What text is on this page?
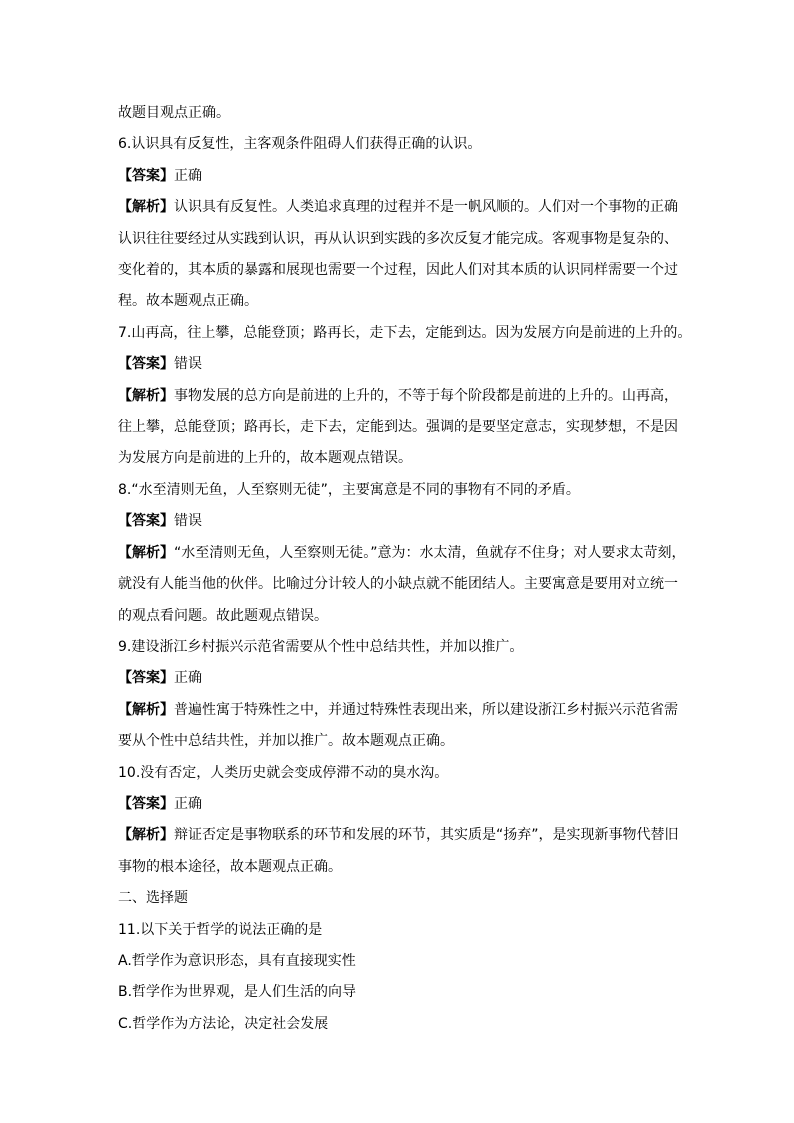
故题目观点正确。

6.认识具有反复性，主客观条件阻碍人们获得正确的认识。

【答案】正确

【解析】认识具有反复性。人类追求真理的过程并不是一帆风顺的。人们对一个事物的正确

认识往往要经过从实践到认识，再从认识到实践的多次反复才能完成。客观事物是复杂的、

变化着的，其本质的暴露和展现也需要一个过程，因此人们对其本质的认识同样需要一个过

程。故本题观点正确。

7.山再高，往上攀，总能登顶；路再长，走下去，定能到达。因为发展方向是前进的上升的。

【答案】错误

【解析】事物发展的总方向是前进的上升的，不等于每个阶段都是前进的上升的。山再高，

往上攀，总能登顶；路再长，走下去，定能到达。强调的是要坚定意志，实现梦想，不是因

为发展方向是前进的上升的，故本题观点错误。

8.“水至清则无鱼，人至察则无徒”，主要寓意是不同的事物有不同的矛盾。

【答案】错误

【解析】“水至清则无鱼，人至察则无徒。”意为：水太清，鱼就存不住身；对人要求太苛刻，

就没有人能当他的伙伴。比喻过分计较人的小缺点就不能团结人。主要寓意是要用对立统一

的观点看问题。故此题观点错误。

9.建设浙江乡村振兴示范省需要从个性中总结共性，并加以推广。

【答案】正确

【解析】普遍性寓于特殊性之中，并通过特殊性表现出来，所以建设浙江乡村振兴示范省需

要从个性中总结共性，并加以推广。故本题观点正确。

10.没有否定，人类历史就会变成停滞不动的臭水沟。

【答案】正确

【解析】辩证否定是事物联系的环节和发展的环节，其实质是“扬弃”，是实现新事物代替旧

事物的根本途径，故本题观点正确。

二、选择题

11.以下关于哲学的说法正确的是

A.哲学作为意识形态，具有直接现实性

B.哲学作为世界观，是人们生活的向导

C.哲学作为方法论，决定社会发展
